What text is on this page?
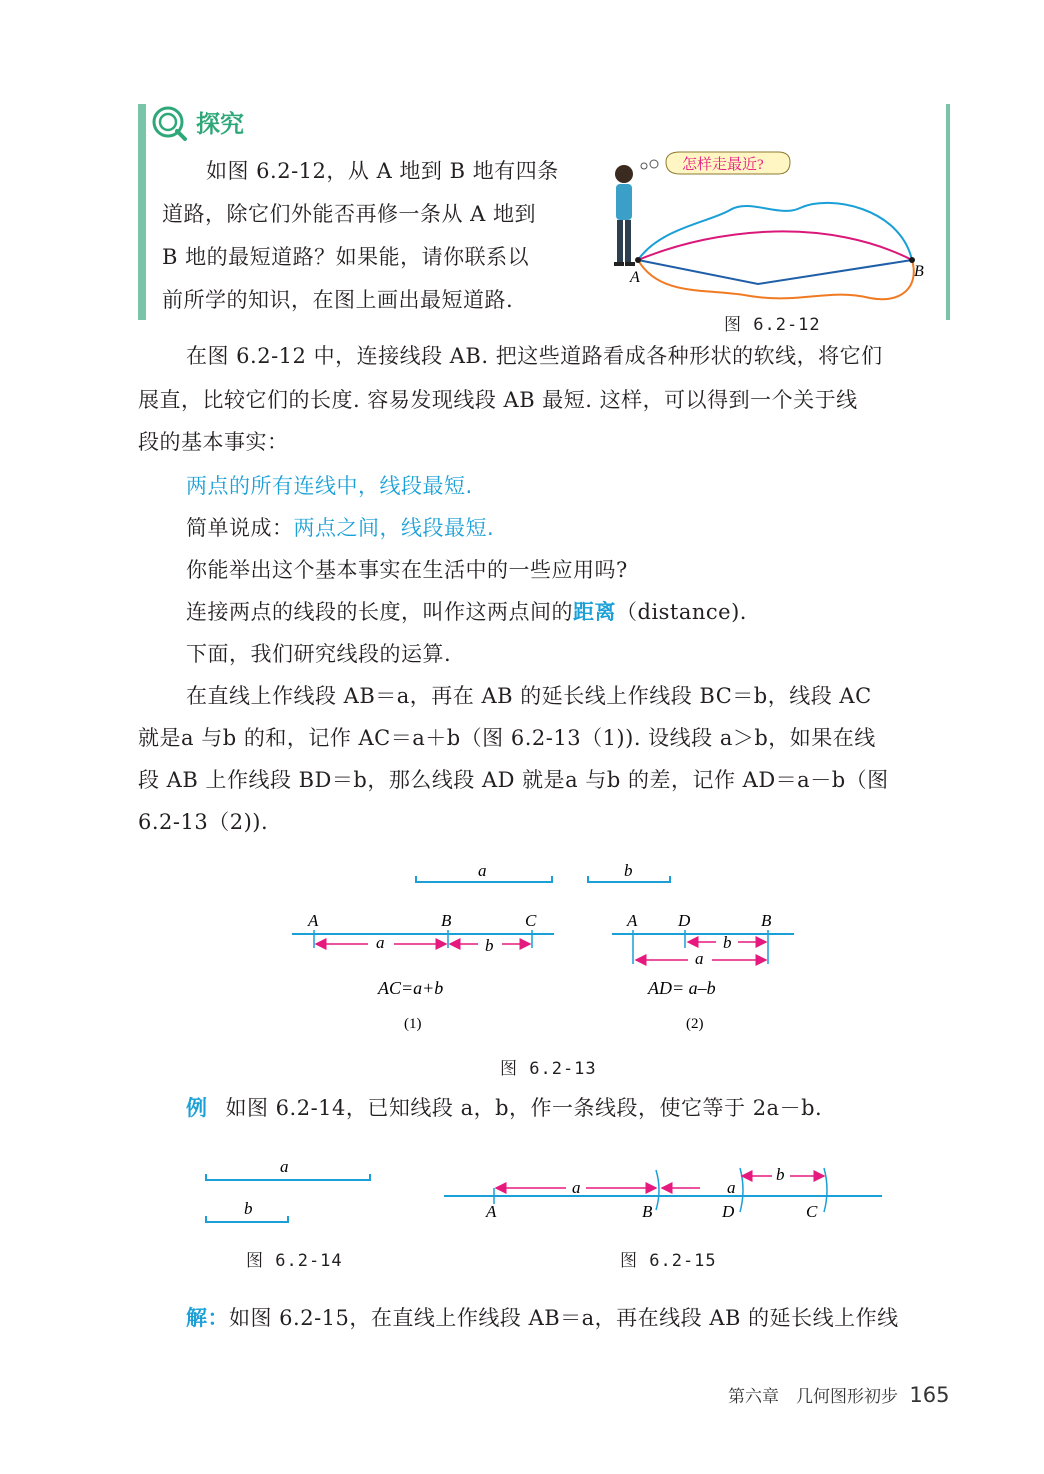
探究
如图 6.2-12，从 A 地到 B 地有四条
道路，除它们外能否再修一条从 A 地到
B 地的最短道路？如果能，请你联系以
前所学的知识，在图上画出最短道路.
怎样走最近?
A	B
图 6.2-12
在图 6.2-12 中，连接线段 AB. 把这些道路看成各种形状的软线，将它们
展直，比较它们的长度. 容易发现线段 AB 最短. 这样，可以得到一个关于线
段的基本事实：
两点的所有连线中，线段最短.
简单说成：两点之间，线段最短.
你能举出这个基本事实在生活中的一些应用吗?
连接两点的线段的长度，叫作这两点间的距离（distance).
下面，我们研究线段的运算.
在直线上作线段 AB＝a，再在 AB 的延长线上作线段 BC＝b，线段 AC
就是a 与b 的和，记作 AC＝a＋b（图 6.2-13（1)). 设线段 a＞b，如果在线
段 AB 上作线段 BD＝b，那么线段 AD 就是a 与b 的差，记作 AD＝a－b（图
6.2-13（2)).
a	b
A	B	C
a	b
AC=a+b
(1)
A D	B
b
a
AD= a–b
(2)
图 6.2-13
例 如图 6.2-14，已知线段 a，b，作一条线段，使它等于 2a－b.
a
b
图 6.2-14
a	a
b
A	B	D	C
图 6.2-15
解：如图 6.2-15，在直线上作线段 AB＝a，再在线段 AB 的延长线上作线
第六章　几何图形初步 165
